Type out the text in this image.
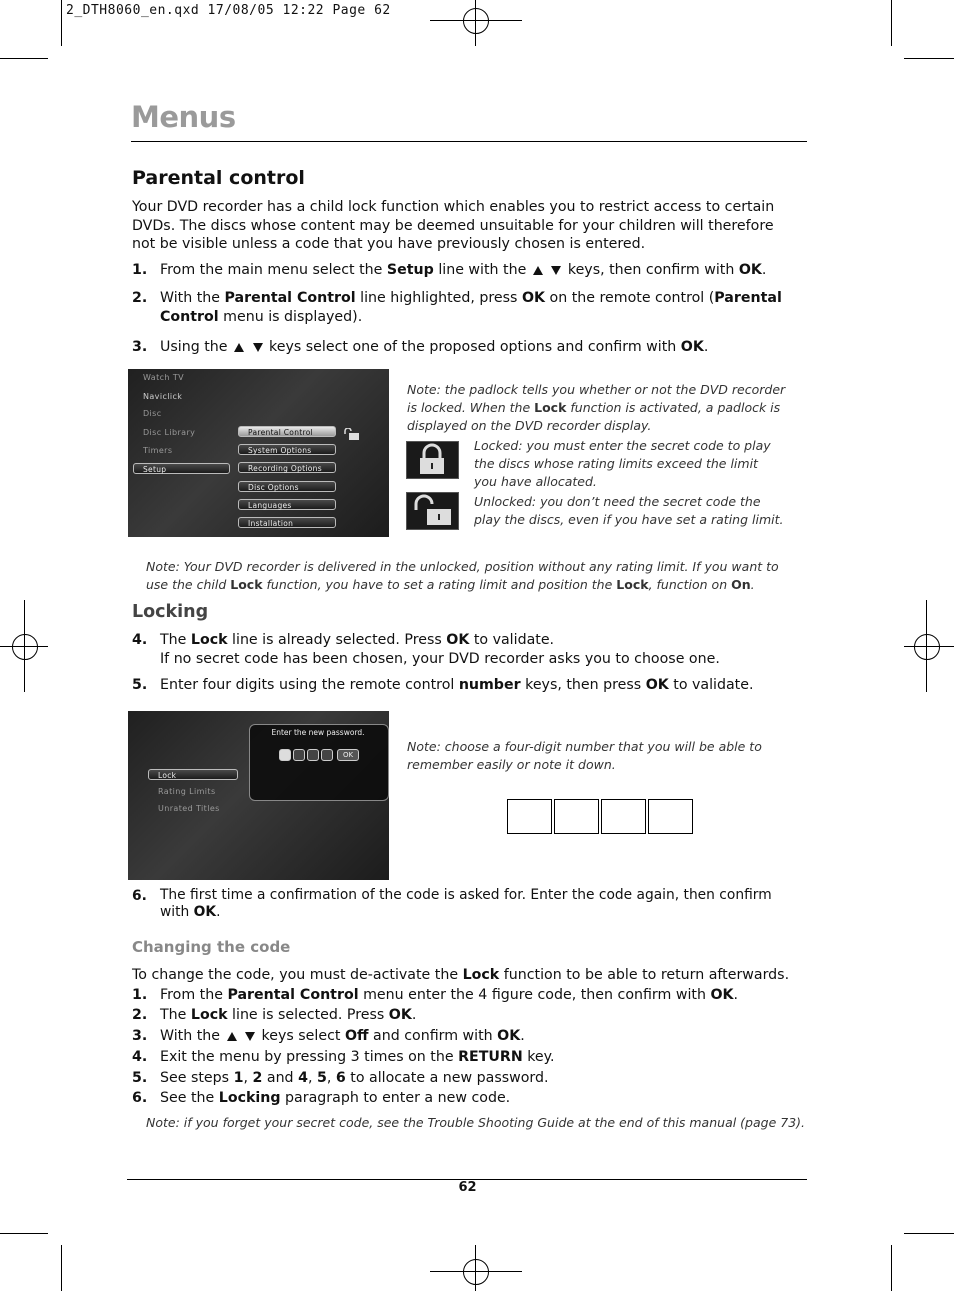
2_DTH8060_en.qxd 17/08/05 12:22 Page 62
Menus
Parental control
Your DVD recorder has a child lock function which enables you to restrict access to certain DVDs. The discs whose content may be deemed unsuitable for your children will therefore not be visible unless a code that you have previously chosen is entered.
1. From the main menu select the Setup line with the   keys, then confirm with OK.
2. With the Parental Control line highlighted, press OK on the remote control (Parental Control menu is displayed).
3. Using the   keys select one of the proposed options and confirm with OK.
Watch TV
Naviclick
Disc
Disc Library
Timers
Setup
Parental Control
System Options
Recording Options
Disc Options
Languages
Installation
Note: the padlock tells you whether or not the DVD recorder is locked. When the Lock function is activated, a padlock is displayed on the DVD recorder display.
Locked: you must enter the secret code to play the discs whose rating limits exceed the limit you have allocated.
Unlocked: you don’t need the secret code the play the discs, even if you have set a rating limit.
Note: Your DVD recorder is delivered in the unlocked, position without any rating limit. If you want to use the child Lock function, you have to set a rating limit and position the Lock, function on On.
Locking
4. The Lock line is already selected. Press OK to validate.
If no secret code has been chosen, your DVD recorder asks you to choose one.
5. Enter four digits using the remote control number keys, then press OK to validate.
Enter the new password.
OK
Lock
Rating Limits
Unrated Titles
Note: choose a four-digit number that you will be able to remember easily or note it down.
6. The first time a confirmation of the code is asked for. Enter the code again, then confirm
with OK.
Changing the code
To change the code, you must de-activate the Lock function to be able to return afterwards.
1. From the Parental Control menu enter the 4 figure code, then confirm with OK.
2. The Lock line is selected. Press OK.
3. With the   keys select Off and confirm with OK.
4. Exit the menu by pressing 3 times on the RETURN key.
5. See steps 1, 2 and 4, 5, 6 to allocate a new password.
6. See the Locking paragraph to enter a new code.
Note: if you forget your secret code, see the Trouble Shooting Guide at the end of this manual (page 73).
62
